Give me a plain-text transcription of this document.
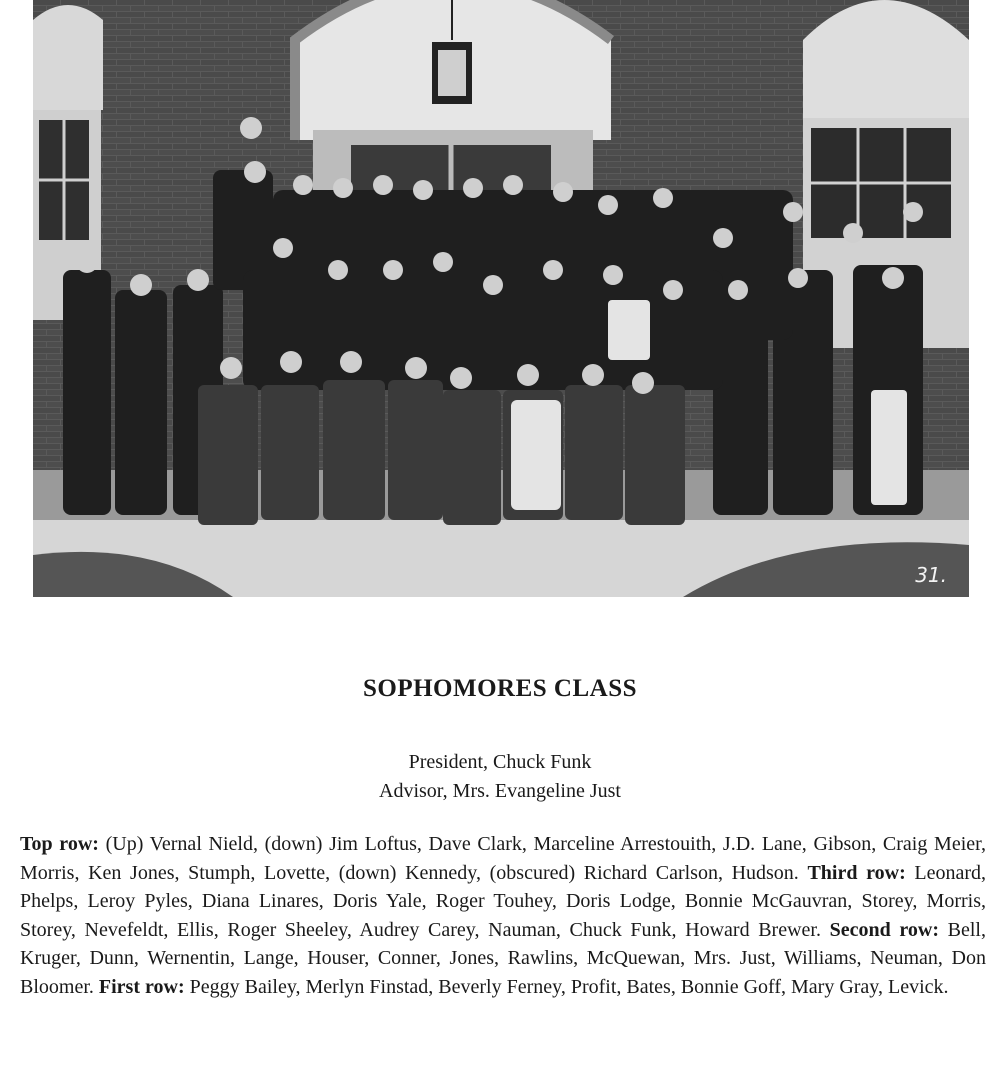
31.
SOPHOMORES CLASS
President, Chuck Funk
Advisor, Mrs. Evangeline Just

Top row: (Up) Vernal Nield, (down) Jim Loftus, Dave Clark, Marceline Arrestouith, J.D. Lane, Gibson, Craig Meier, Morris, Ken Jones, Stumph, Lovette, (down) Kennedy, (obscured) Richard Carlson, Hudson. Third row: Leonard, Phelps, Leroy Pyles, Diana Linares, Doris Yale, Roger Touhey, Doris Lodge, Bonnie McGauvran, Storey, Morris, Storey, Nevefeldt, Ellis, Roger Sheeley, Audrey Carey, Nauman, Chuck Funk, Howard Brewer. Second row: Bell, Kruger, Dunn, Wernentin, Lange, Houser, Conner, Jones, Rawlins, McQuewan, Mrs. Just, Williams, Neuman, Don Bloomer. First row: Peggy Bailey, Merlyn Finstad, Beverly Ferney, Profit, Bates, Bonnie Goff, Mary Gray, Levick.
